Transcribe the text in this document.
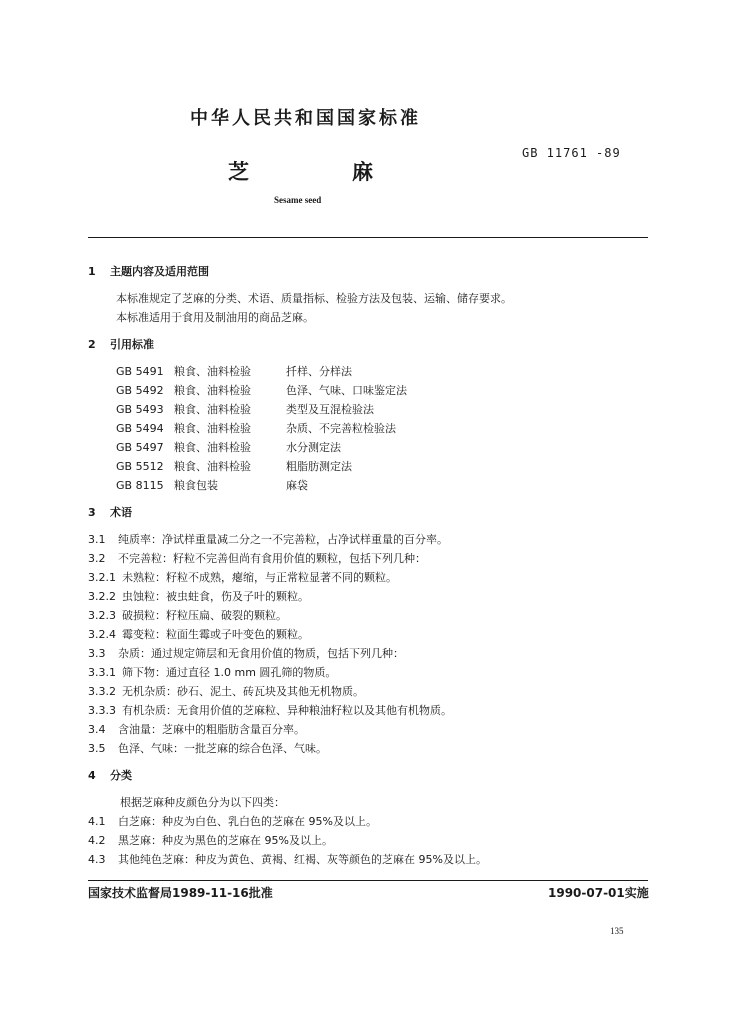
中华人民共和国国家标准
GB 11761 -89
芝	麻
Sesame seed
1 主题内容及适用范围
本标准规定了芝麻的分类、术语、质量指标、检验方法及包装、运输、储存要求。
本标准适用于食用及制油用的商品芝麻。
2 引用标准
GB 5491 粮食、油料检验	扦样、分样法
GB 5492 粮食、油料检验	色泽、气味、口味鉴定法
GB 5493 粮食、油料检验	类型及互混检验法
GB 5494 粮食、油料检验	杂质、不完善粒检验法
GB 5497 粮食、油料检验	水分测定法
GB 5512 粮食、油料检验	粗脂肪测定法
GB 8115 粮食包装	麻袋
3 术语
3.1 纯质率：净试样重量减二分之一不完善粒，占净试样重量的百分率。
3.2 不完善粒：籽粒不完善但尚有食用价值的颗粒，包括下列几种：
3.2.1 未熟粒：籽粒不成熟，瘪缩，与正常粒显著不同的颗粒。
3.2.2 虫蚀粒：被虫蛀食，伤及子叶的颗粒。
3.2.3 破损粒：籽粒压扁、破裂的颗粒。
3.2.4 霉变粒：粒面生霉或子叶变色的颗粒。
3.3 杂质：通过规定筛层和无食用价值的物质，包括下列几种：
3.3.1 筛下物：通过直径 1.0 mm 圆孔筛的物质。
3.3.2 无机杂质：砂石、泥土、砖瓦块及其他无机物质。
3.3.3 有机杂质：无食用价值的芝麻粒、异种粮油籽粒以及其他有机物质。
3.4 含油量：芝麻中的粗脂肪含量百分率。
3.5 色泽、气味：一批芝麻的综合色泽、气味。
4 分类
根据芝麻种皮颜色分为以下四类：
4.1 白芝麻：种皮为白色、乳白色的芝麻在 95%及以上。
4.2 黑芝麻：种皮为黑色的芝麻在 95%及以上。
4.3 其他纯色芝麻：种皮为黄色、黄褐、红褐、灰等颜色的芝麻在 95%及以上。
国家技术监督局1989-11-16批准	1990-07-01实施
135
